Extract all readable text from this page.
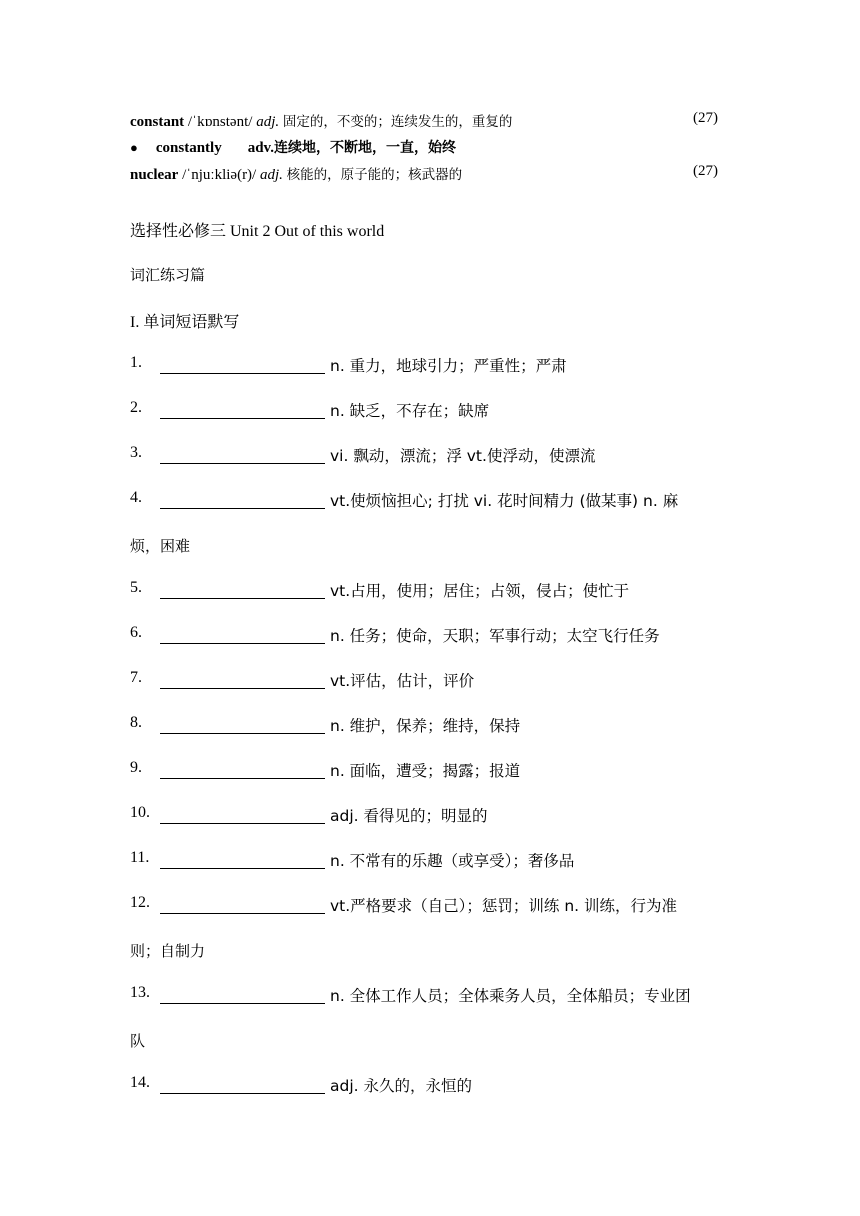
constant /ˈkɒnstənt/ adj. 固定的，不变的；连续发生的，重复的	(27)
● constantly adv.连续地，不断地，一直，始终
nuclear /ˈnjuːkliə(r)/ adj. 核能的，原子能的；核武器的	(27)
选择性必修三 Unit 2 Out of this world
词汇练习篇
I. 单词短语默写
1.	n. 重力，地球引力；严重性；严肃
2.	n. 缺乏，不存在；缺席
3.	vi. 飘动，漂流；浮 vt.使浮动，使漂流
4.	vt.使烦恼担心; 打扰 vi. 花时间精力 (做某事) n. 麻
烦，困难
5.	vt.占用，使用；居住；占领，侵占；使忙于
6.	n. 任务；使命，天职；军事行动；太空飞行任务
7.	vt.评估，估计，评价
8.	n. 维护，保养；维持，保持
9.	n. 面临，遭受；揭露；报道
10.	adj. 看得见的；明显的
11.	n. 不常有的乐趣（或享受）；奢侈品
12.	vt.严格要求（自己）；惩罚；训练 n. 训练，行为准
则；自制力
13.	n. 全体工作人员；全体乘务人员，全体船员；专业团
队
14.	adj. 永久的，永恒的
